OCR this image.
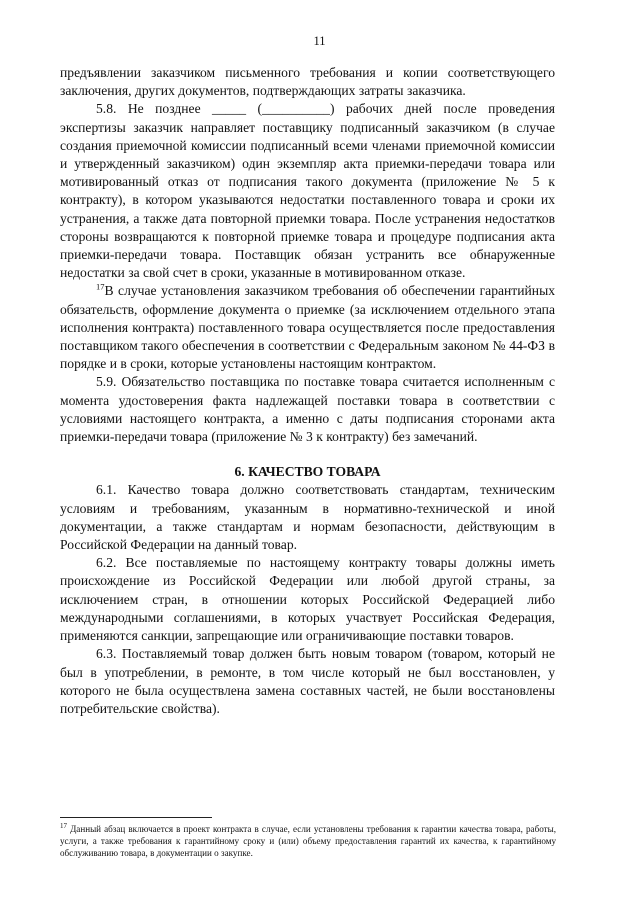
11

предъявлении заказчиком письменного требования и копии соответствующего заключения, других документов, подтверждающих затраты заказчика.

5.8. Не позднее _____ (__________) рабочих дней после проведения экспертизы заказчик направляет поставщику подписанный заказчиком (в случае создания приемочной комиссии подписанный всеми членами приемочной комиссии и утвержденный заказчиком) один экземпляр акта приемки-передачи товара или мотивированный отказ от подписания такого документа (приложение № 5 к контракту), в котором указываются недостатки поставленного товара и сроки их устранения, а также дата повторной приемки товара. После устранения недостатков стороны возвращаются к повторной приемке товара и процедуре подписания акта приемки-передачи товара. Поставщик обязан устранить все обнаруженные недостатки за свой счет в сроки, указанные в мотивированном отказе.

$^{17}$В случае установления заказчиком требования об обеспечении гарантийных обязательств, оформление документа о приемке (за исключением отдельного этапа исполнения контракта) поставленного товара осуществляется после предоставления поставщиком такого обеспечения в соответствии с Федеральным законом № 44-ФЗ в порядке и в сроки, которые установлены настоящим контрактом.

5.9. Обязательство поставщика по поставке товара считается исполненным с момента удостоверения факта надлежащей поставки товара в соответствии с условиями настоящего контракта, а именно с даты подписания сторонами акта приемки-передачи товара (приложение № 3 к контракту) без замечаний.

6. КАЧЕСТВО ТОВАРА

6.1. Качество товара должно соответствовать стандартам, техническим условиям и требованиям, указанным в нормативно-технической и иной документации, а также стандартам и нормам безопасности, действующим в Российской Федерации на данный товар.

6.2. Все поставляемые по настоящему контракту товары должны иметь происхождение из Российской Федерации или любой другой страны, за исключением стран, в отношении которых Российской Федерацией либо международными соглашениями, в которых участвует Российская Федерация, применяются санкции, запрещающие или ограничивающие поставки товаров.

6.3. Поставляемый товар должен быть новым товаром (товаром, который не был в употреблении, в ремонте, в том числе который не был восстановлен, у которого не была осуществлена замена составных частей, не были восстановлены потребительские свойства).

$^{17}$ Данный абзац включается в проект контракта в случае, если установлены требования к гарантии качества товара, работы, услуги, а также требования к гарантийному сроку и (или) объему предоставления гарантий их качества, к гарантийному обслуживанию товара, в документации о закупке.
